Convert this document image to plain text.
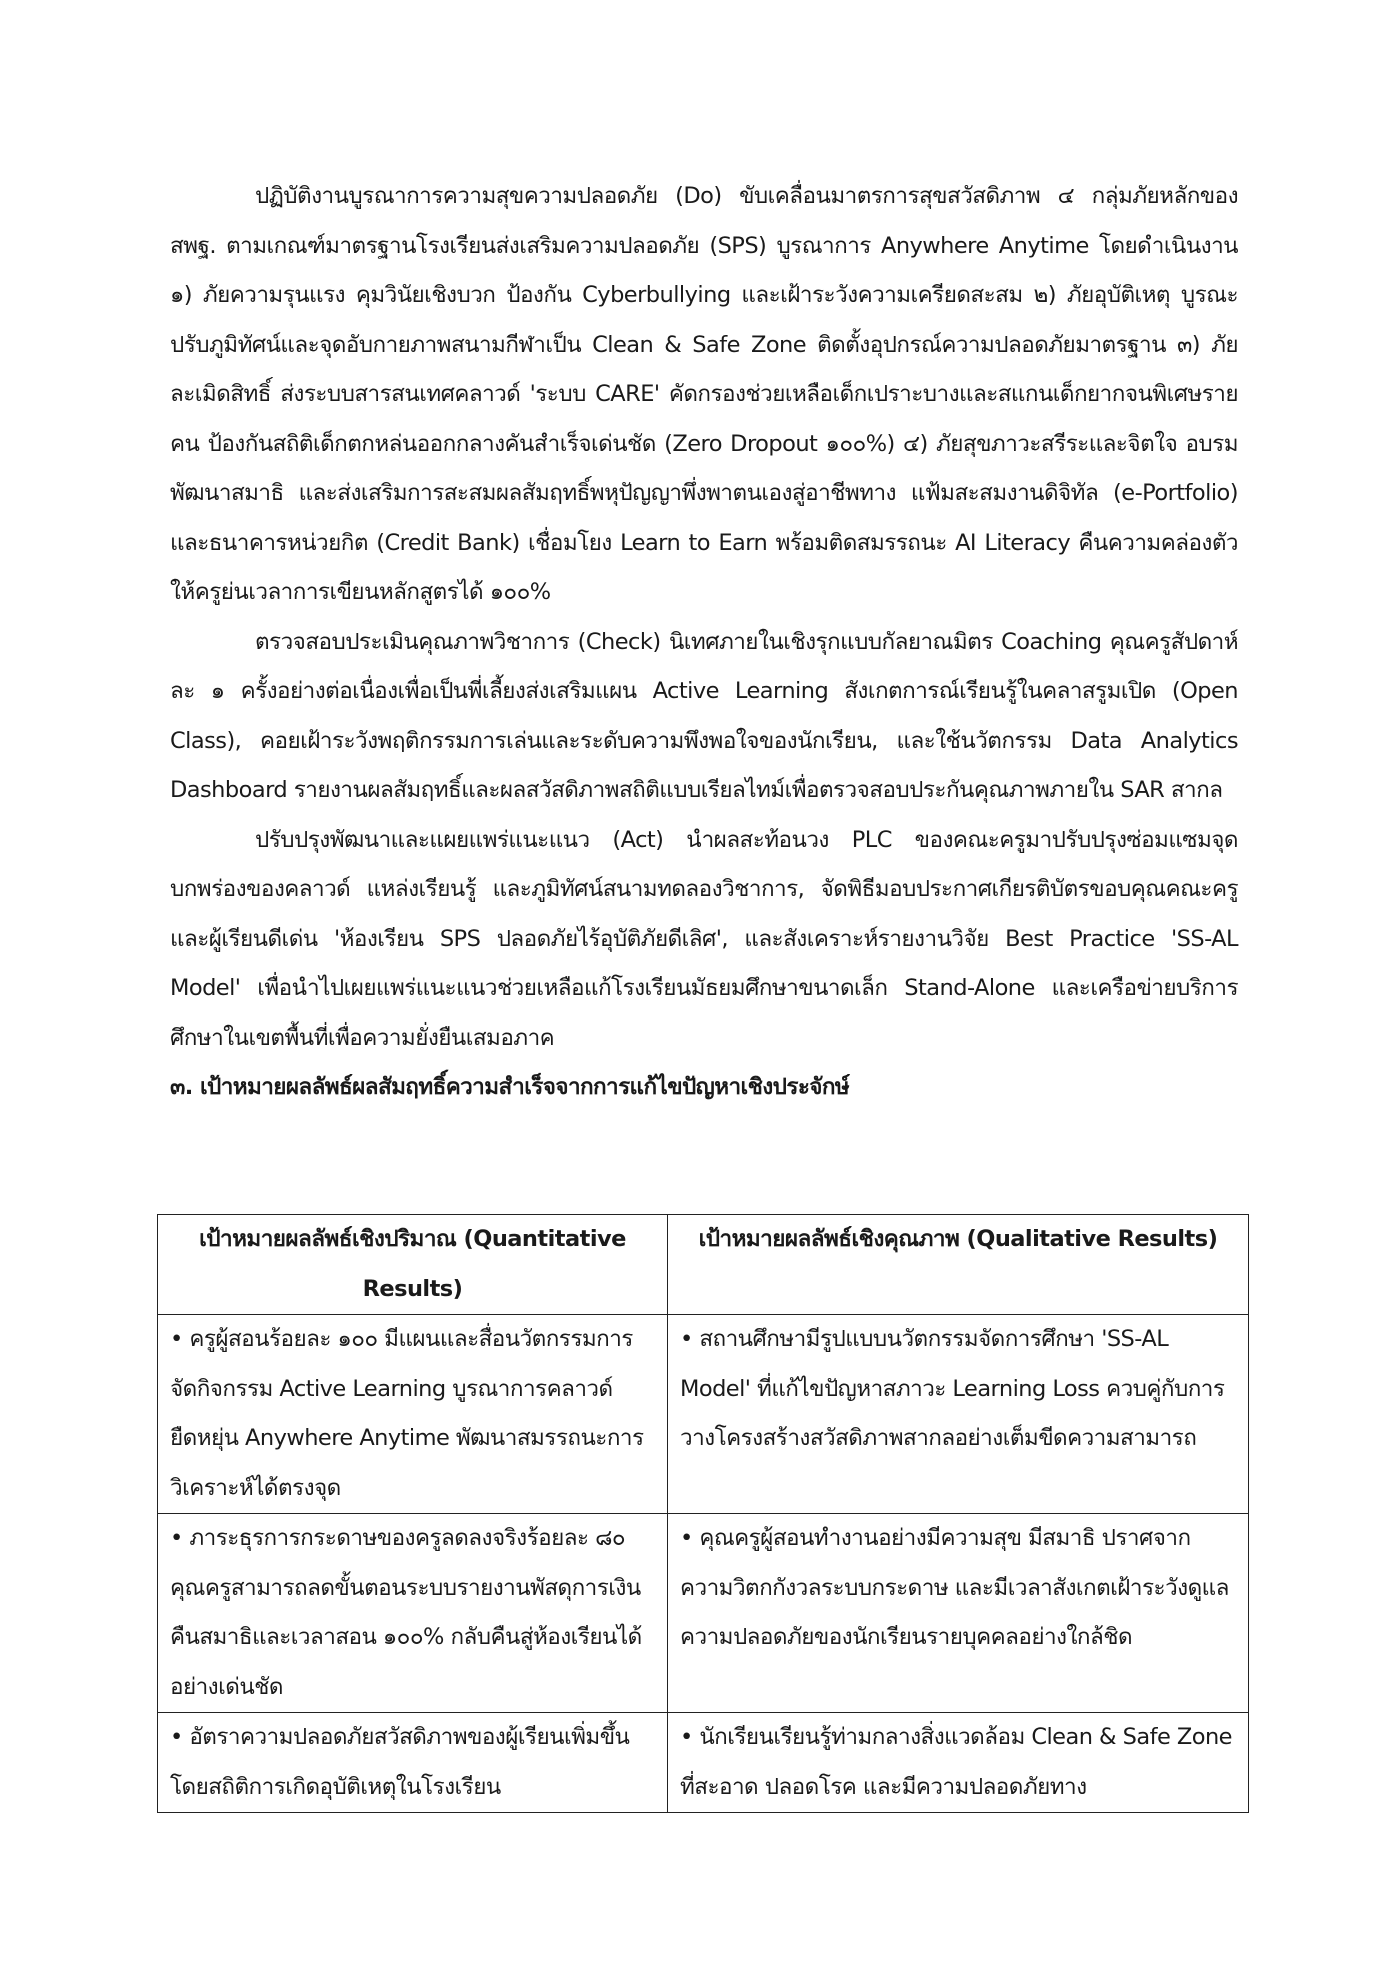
ปฏิบัติงานบูรณาการความสุขความปลอดภัย (Do) ขับเคลื่อนมาตรการสุขสวัสดิภาพ ๔ กลุ่มภัยหลักของ สพฐ. ตามเกณฑ์มาตรฐานโรงเรียนส่งเสริมความปลอดภัย (SPS) บูรณาการ Anywhere Anytime โดยดำเนินงาน ๑) ภัยความรุนแรง คุมวินัยเชิงบวก ป้องกัน Cyberbullying และเฝ้าระวังความเครียดสะสม ๒) ภัยอุบัติเหตุ บูรณะปรับภูมิทัศน์และจุดอับกายภาพสนามกีฬาเป็น Clean & Safe Zone ติดตั้งอุปกรณ์ความปลอดภัยมาตรฐาน ๓) ภัยละเมิดสิทธิ์ ส่งระบบสารสนเทศคลาวด์ 'ระบบ CARE' คัดกรองช่วยเหลือเด็กเปราะบางและสแกนเด็กยากจนพิเศษรายคน ป้องกันสถิติเด็กตกหล่นออกกลางคันสำเร็จเด่นชัด (Zero Dropout ๑๐๐%) ๔) ภัยสุขภาวะสรีระและจิตใจ อบรมพัฒนาสมาธิ และส่งเสริมการสะสมผลสัมฤทธิ์พหุปัญญาพึ่งพาตนเองสู่อาชีพทาง แฟ้มสะสมงานดิจิทัล (e-Portfolio) และธนาคารหน่วยกิต (Credit Bank) เชื่อมโยง Learn to Earn พร้อมติดสมรรถนะ AI Literacy คืนความคล่องตัวให้ครูย่นเวลาการเขียนหลักสูตรได้ ๑๐๐%

ตรวจสอบประเมินคุณภาพวิชาการ (Check) นิเทศภายในเชิงรุกแบบกัลยาณมิตร Coaching คุณครูสัปดาห์ละ ๑ ครั้งอย่างต่อเนื่องเพื่อเป็นพี่เลี้ยงส่งเสริมแผน Active Learning สังเกตการณ์เรียนรู้ในคลาสรูมเปิด (Open Class), คอยเฝ้าระวังพฤติกรรมการเล่นและระดับความพึงพอใจของนักเรียน, และใช้นวัตกรรม Data Analytics Dashboard รายงานผลสัมฤทธิ์และผลสวัสดิภาพสถิติแบบเรียลไทม์เพื่อตรวจสอบประกันคุณภาพภายใน SAR สากล

ปรับปรุงพัฒนาและแผยแพร่แนะแนว (Act) นำผลสะท้อนวง PLC ของคณะครูมาปรับปรุงซ่อมแซมจุดบกพร่องของคลาวด์ แหล่งเรียนรู้ และภูมิทัศน์สนามทดลองวิชาการ, จัดพิธีมอบประกาศเกียรติบัตรขอบคุณคณะครูและผู้เรียนดีเด่น 'ห้องเรียน SPS ปลอดภัยไร้อุบัติภัยดีเลิศ', และสังเคราะห์รายงานวิจัย Best Practice 'SS-AL Model' เพื่อนำไปเผยแพร่แนะแนวช่วยเหลือแก้โรงเรียนมัธยมศึกษาขนาดเล็ก Stand-Alone และเครือข่ายบริการศึกษาในเขตพื้นที่เพื่อความยั่งยืนเสมอภาค

๓. เป้าหมายผลลัพธ์ผลสัมฤทธิ์ความสำเร็จจากการแก้ไขปัญหาเชิงประจักษ์

เป้าหมายผลลัพธ์เชิงปริมาณ (Quantitative Results)	เป้าหมายผลลัพธ์เชิงคุณภาพ (Qualitative Results)
• ครูผู้สอนร้อยละ ๑๐๐ มีแผนและสื่อนวัตกรรมการจัดกิจกรรม Active Learning บูรณาการคลาวด์ยืดหยุ่น Anywhere Anytime พัฒนาสมรรถนะการวิเคราะห์ได้ตรงจุด	• สถานศึกษามีรูปแบบนวัตกรรมจัดการศึกษา 'SS-AL Model' ที่แก้ไขปัญหาสภาวะ Learning Loss ควบคู่กับการวางโครงสร้างสวัสดิภาพสากลอย่างเต็มขีดความสามารถ
• ภาระธุรการกระดาษของครูลดลงจริงร้อยละ ๘๐ คุณครูสามารถลดขั้นตอนระบบรายงานพัสดุการเงิน คืนสมาธิและเวลาสอน ๑๐๐% กลับคืนสู่ห้องเรียนได้อย่างเด่นชัด	• คุณครูผู้สอนทำงานอย่างมีความสุข มีสมาธิ ปราศจากความวิตกกังวลระบบกระดาษ และมีเวลาสังเกตเฝ้าระวังดูแลความปลอดภัยของนักเรียนรายบุคคลอย่างใกล้ชิด
• อัตราความปลอดภัยสวัสดิภาพของผู้เรียนเพิ่มขึ้น โดยสถิติการเกิดอุบัติเหตุในโรงเรียน	• นักเรียนเรียนรู้ท่ามกลางสิ่งแวดล้อม Clean & Safe Zone ที่สะอาด ปลอดโรค และมีความปลอดภัยทาง
